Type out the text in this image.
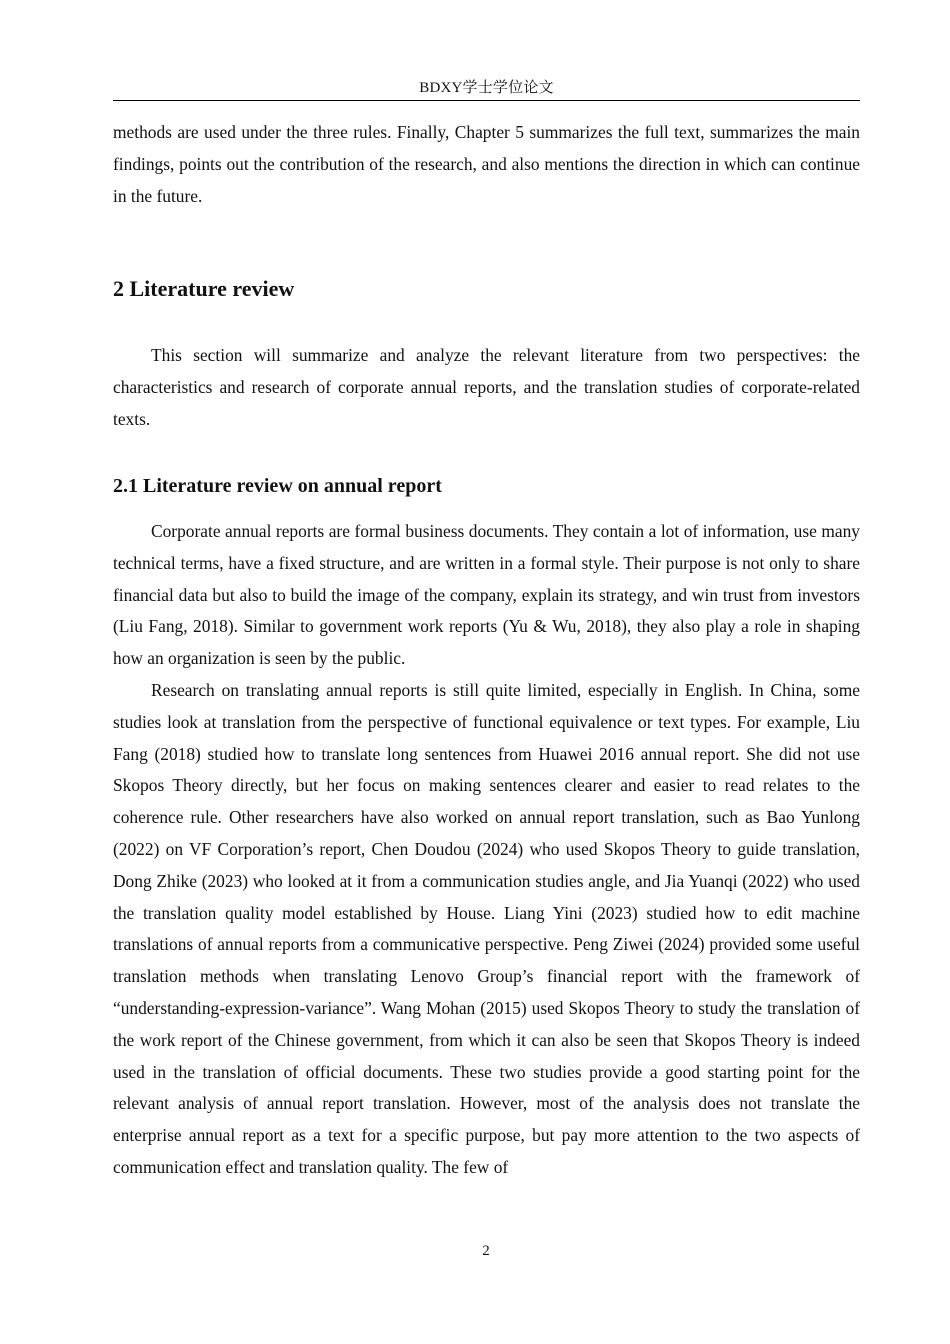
BDXY学士学位论文

methods are used under the three rules. Finally, Chapter 5 summarizes the full text, summarizes the main findings, points out the contribution of the research, and also mentions the direction in which can continue in the future.

2 Literature review

This section will summarize and analyze the relevant literature from two perspectives: the characteristics and research of corporate annual reports, and the translation studies of corporate-related texts.

2.1 Literature review on annual report

Corporate annual reports are formal business documents. They contain a lot of information, use many technical terms, have a fixed structure, and are written in a formal style. Their purpose is not only to share financial data but also to build the image of the company, explain its strategy, and win trust from investors (Liu Fang, 2018). Similar to government work reports (Yu & Wu, 2018), they also play a role in shaping how an organization is seen by the public.

Research on translating annual reports is still quite limited, especially in English. In China, some studies look at translation from the perspective of functional equivalence or text types. For example, Liu Fang (2018) studied how to translate long sentences from Huawei 2016 annual report. She did not use Skopos Theory directly, but her focus on making sentences clearer and easier to read relates to the coherence rule. Other researchers have also worked on annual report translation, such as Bao Yunlong (2022) on VF Corporation’s report, Chen Doudou (2024) who used Skopos Theory to guide translation, Dong Zhike (2023) who looked at it from a communication studies angle, and Jia Yuanqi (2022) who used the translation quality model established by House. Liang Yini (2023) studied how to edit machine translations of annual reports from a communicative perspective. Peng Ziwei (2024) provided some useful translation methods when translating Lenovo Group’s financial report with the framework of “understanding-expression-variance”. Wang Mohan (2015) used Skopos Theory to study the translation of the work report of the Chinese government, from which it can also be seen that Skopos Theory is indeed used in the translation of official documents. These two studies provide a good starting point for the relevant analysis of annual report translation. However, most of the analysis does not translate the enterprise annual report as a text for a specific purpose, but pay more attention to the two aspects of communication effect and translation quality. The few of

2
